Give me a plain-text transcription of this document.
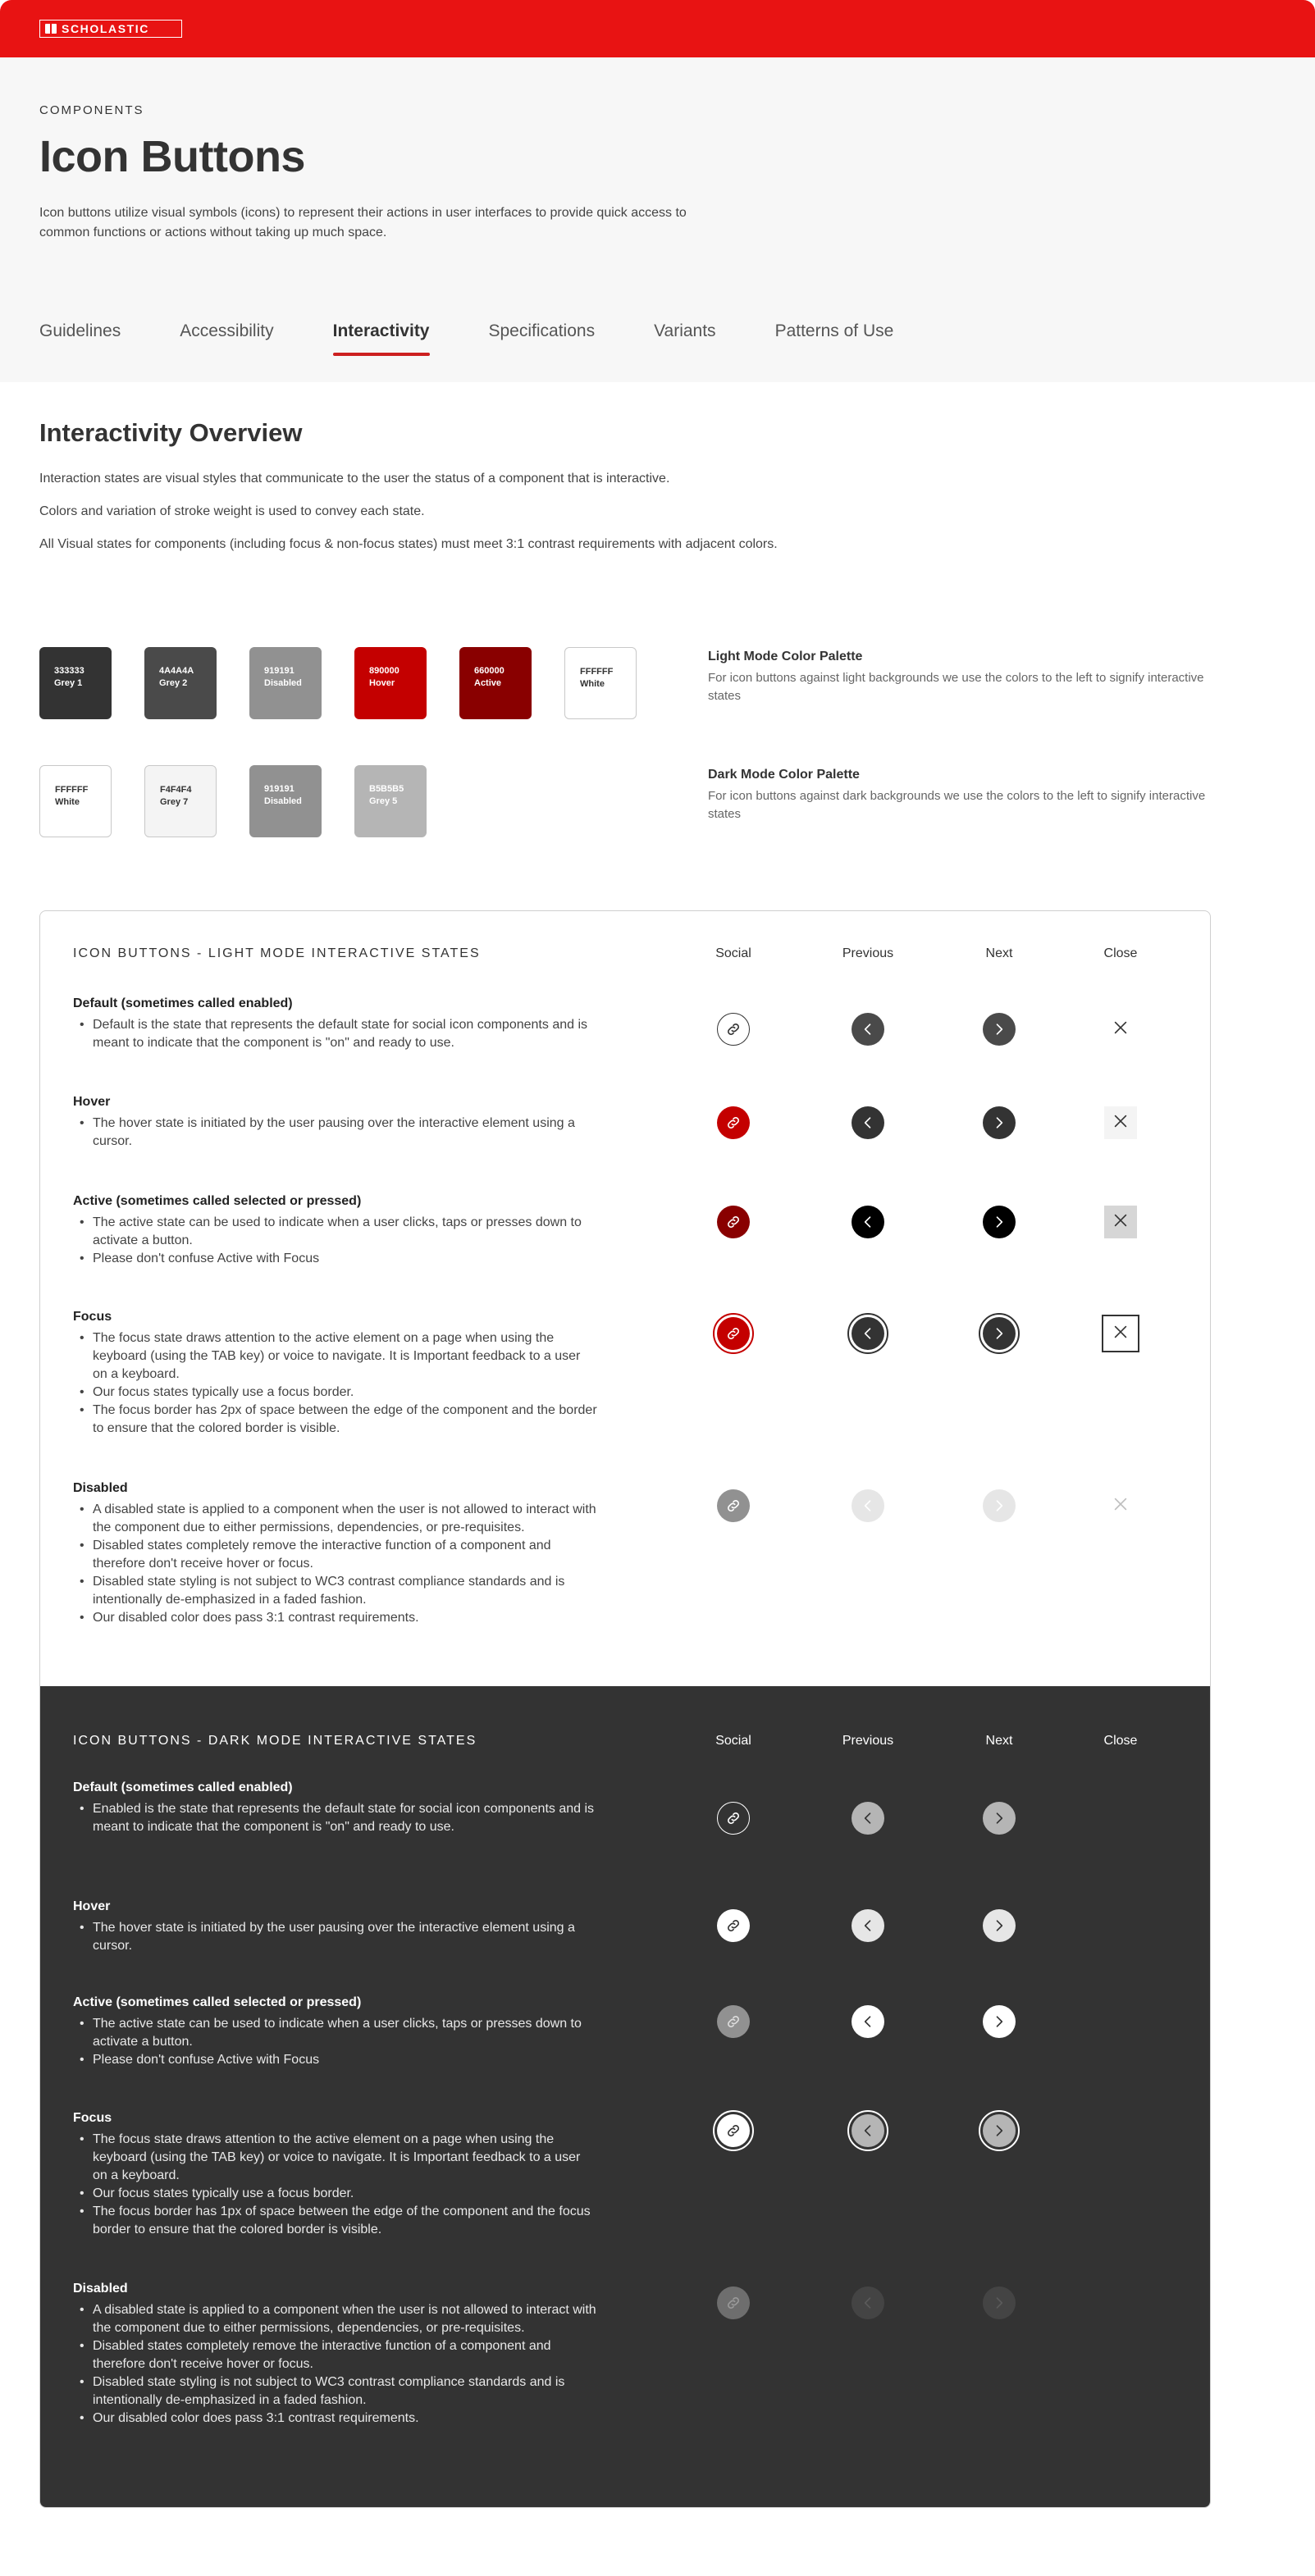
SCHOLASTIC
COMPONENTS
Icon Buttons
Icon buttons utilize visual symbols (icons) to represent their actions in user interfaces to provide quick access to common functions or actions without taking up much space.
Guidelines	Accessibility	Interactivity	Specifications	Variants	Patterns of Use
Interactivity Overview
Interaction states are visual styles that communicate to the user the status of a component that is interactive.
Colors and variation of stroke weight is used to convey each state.
All Visual states for components (including focus & non-focus states) must meet 3:1 contrast requirements with adjacent colors.
333333
Grey 1
4A4A4A
Grey 2
919191
Disabled
890000
Hover
660000
Active
FFFFFF
White
Light Mode Color Palette
For icon buttons against light backgrounds we use the colors to the left to signify interactive states
FFFFFF
White
F4F4F4
Grey 7
919191
Disabled
B5B5B5
Grey 5
Dark Mode Color Palette
For icon buttons against dark backgrounds we use the colors to the left to signify interactive states
ICON BUTTONS - LIGHT MODE INTERACTIVE STATES	Social	Previous	Next	Close
Default (sometimes called enabled)
• Default is the state that represents the default state for social icon components and is meant to indicate that the component is "on" and ready to use.
Hover
• The hover state is initiated by the user pausing over the interactive element using a cursor.
Active (sometimes called selected or pressed)
• The active state can be used to indicate when a user clicks, taps or presses down to activate a button.
• Please don't confuse Active with Focus
Focus
• The focus state draws attention to the active element on a page when using the keyboard (using the TAB key) or voice to navigate. It is Important feedback to a user on a keyboard.
• Our focus states typically use a focus border.
• The focus border has 2px of space between the edge of the component and the border to ensure that the colored border is visible.
Disabled
• A disabled state is applied to a component when the user is not allowed to interact with the component due to either permissions, dependencies, or pre-requisites.
• Disabled states completely remove the interactive function of a component and therefore don't receive hover or focus.
• Disabled state styling is not subject to WC3 contrast compliance standards and is intentionally de-emphasized in a faded fashion.
• Our disabled color does pass 3:1 contrast requirements.
ICON BUTTONS - DARK MODE INTERACTIVE STATES	Social	Previous	Next	Close
Default (sometimes called enabled)
• Enabled is the state that represents the default state for social icon components and is meant to indicate that the component is "on" and ready to use.
Hover
• The hover state is initiated by the user pausing over the interactive element using a cursor.
Active (sometimes called selected or pressed)
• The active state can be used to indicate when a user clicks, taps or presses down to activate a button.
• Please don't confuse Active with Focus
Focus
• The focus state draws attention to the active element on a page when using the keyboard (using the TAB key) or voice to navigate. It is Important feedback to a user on a keyboard.
• Our focus states typically use a focus border.
• The focus border has 1px of space between the edge of the component and the focus border to ensure that the colored border is visible.
Disabled
• A disabled state is applied to a component when the user is not allowed to interact with the component due to either permissions, dependencies, or pre-requisites.
• Disabled states completely remove the interactive function of a component and therefore don't receive hover or focus.
• Disabled state styling is not subject to WC3 contrast compliance standards and is intentionally de-emphasized in a faded fashion.
• Our disabled color does pass 3:1 contrast requirements.
